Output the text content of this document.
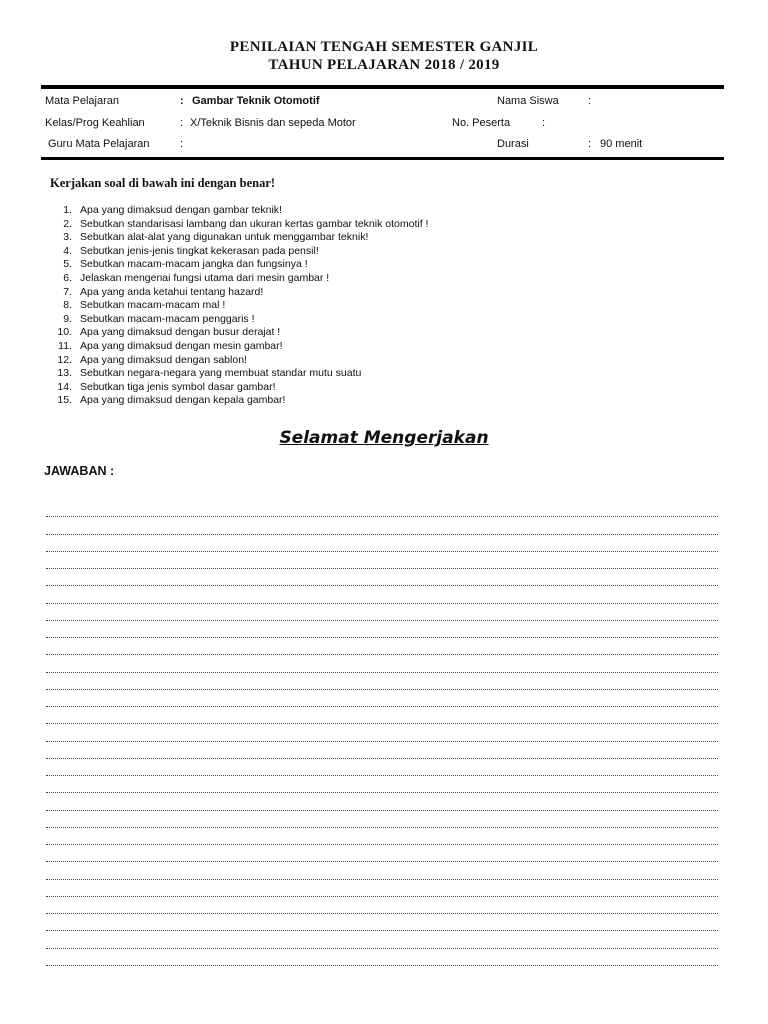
PENILAIAN TENGAH SEMESTER GANJIL
TAHUN PELAJARAN 2018 / 2019
Mata Pelajaran	: Gambar Teknik Otomotif	Nama Siswa	:
Kelas/Prog Keahlian	: X/Teknik Bisnis dan sepeda Motor	No. Peserta	:
Guru Mata Pelajaran	:	Durasi	: 90 menit
Kerjakan soal di bawah ini dengan benar!
1. Apa yang dimaksud dengan gambar teknik!
2. Sebutkan standarisasi lambang dan ukuran kertas gambar teknik otomotif !
3. Sebutkan alat-alat yang digunakan untuk menggambar teknik!
4. Sebutkan jenis-jenis tingkat kekerasan pada pensil!
5. Sebutkan macam-macam jangka dan fungsinya !
6. Jelaskan mengenai fungsi utama dari mesin gambar !
7. Apa yang anda ketahui tentang hazard!
8. Sebutkan macam-macam mal !
9. Sebutkan macam-macam penggaris !
10. Apa yang dimaksud dengan busur derajat !
11. Apa yang dimaksud dengan mesin gambar!
12. Apa yang dimaksud dengan sablon!
13. Sebutkan negara-negara yang membuat standar mutu suatu
14. Sebutkan tiga jenis symbol dasar gambar!
15. Apa yang dimaksud dengan kepala gambar!
Selamat Mengerjakan
JAWABAN :
